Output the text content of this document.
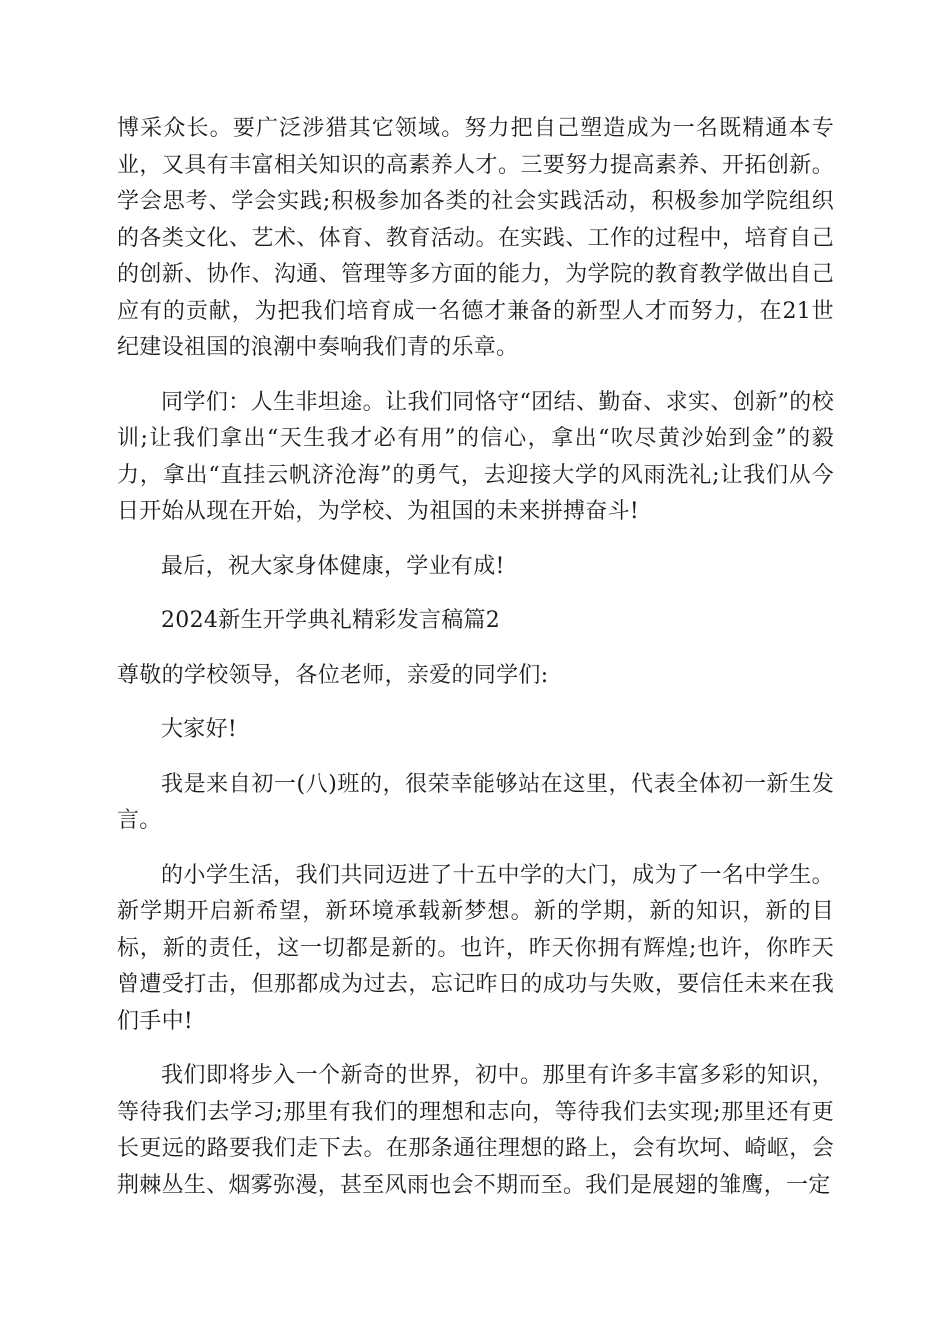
博采众长。要广泛涉猎其它领域。努力把自己塑造成为一名既精通本专业，又具有丰富相关知识的高素养人才。三要努力提高素养、开拓创新。学会思考、学会实践;积极参加各类的社会实践活动，积极参加学院组织的各类文化、艺术、体育、教育活动。在实践、工作的过程中，培育自己的创新、协作、沟通、管理等多方面的能力，为学院的教育教学做出自己应有的贡献，为把我们培育成一名德才兼备的新型人才而努力，在21世纪建设祖国的浪潮中奏响我们青的乐章。

同学们：人生非坦途。让我们同恪守“团结、勤奋、求实、创新”的校训;让我们拿出“天生我才必有用”的信心，拿出“吹尽黄沙始到金”的毅力，拿出“直挂云帆济沧海”的勇气，去迎接大学的风雨洗礼;让我们从今日开始从现在开始，为学校、为祖国的未来拼搏奋斗!

最后，祝大家身体健康，学业有成!

2024新生开学典礼精彩发言稿篇2

尊敬的学校领导，各位老师，亲爱的同学们:

大家好!

我是来自初一(八)班的，很荣幸能够站在这里，代表全体初一新生发言。

的小学生活，我们共同迈进了十五中学的大门，成为了一名中学生。新学期开启新希望，新环境承载新梦想。新的学期，新的知识，新的目标，新的责任，这一切都是新的。也许，昨天你拥有辉煌;也许，你昨天曾遭受打击，但那都成为过去，忘记昨日的成功与失败，要信任未来在我们手中!

我们即将步入一个新奇的世界，初中。那里有许多丰富多彩的知识，等待我们去学习;那里有我们的理想和志向，等待我们去实现;那里还有更长更远的路要我们走下去。在那条通往理想的路上，会有坎坷、崎岖，会荆棘丛生、烟雾弥漫，甚至风雨也会不期而至。我们是展翅的雏鹰，一定
